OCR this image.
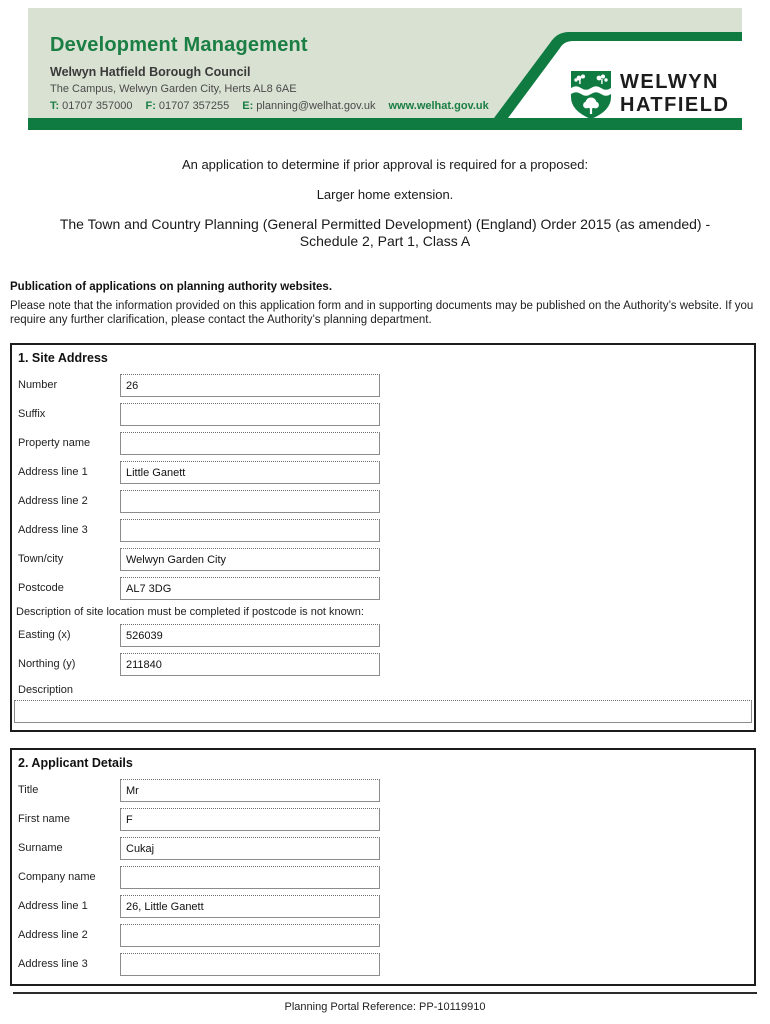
Development Management
Welwyn Hatfield Borough Council
The Campus, Welwyn Garden City, Herts AL8 6AE
T: 01707 357000 F: 01707 357255 E: planning@welhat.gov.uk www.welhat.gov.uk
WELWYN
HATFIELD
An application to determine if prior approval is required for a proposed:
Larger home extension.
The Town and Country Planning (General Permitted Development) (England) Order 2015 (as amended) -
Schedule 2, Part 1, Class A
Publication of applications on planning authority websites.
Please note that the information provided on this application form and in supporting documents may be published on the Authority’s website. If you require any further clarification, please contact the Authority’s planning department.
1. Site Address
Number
26
Suffix
Property name
Address line 1
Little Ganett
Address line 2
Address line 3
Town/city
Welwyn Garden City
Postcode
AL7 3DG
Description of site location must be completed if postcode is not known:
Easting (x)
526039
Northing (y)
211840
Description
2. Applicant Details
Title
Mr
First name
F
Surname
Cukaj
Company name
Address line 1
26, Little Ganett
Address line 2
Address line 3
Planning Portal Reference: PP-10119910
